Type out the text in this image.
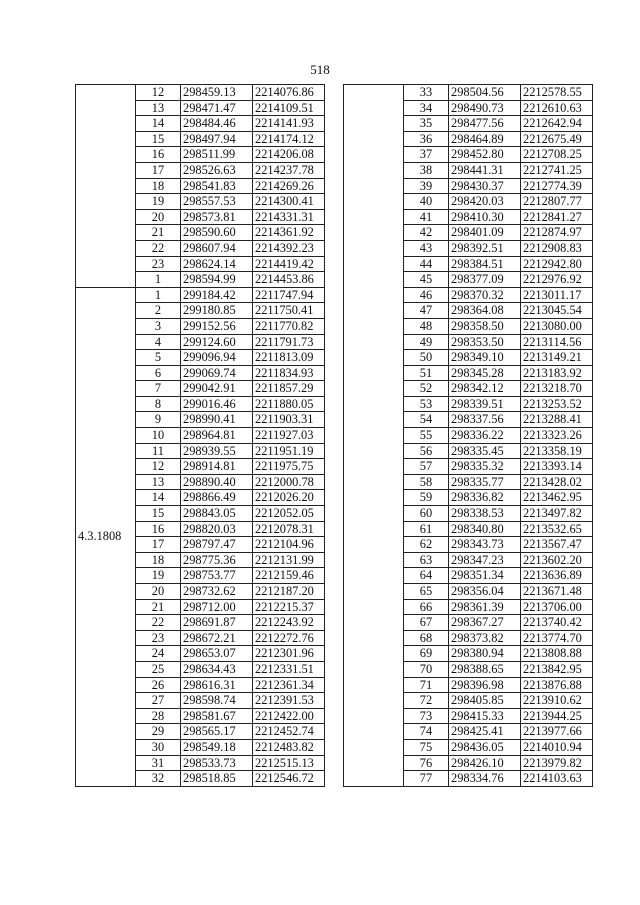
518
	12	298459.13	2214076.86
	13	298471.47	2214109.51
	14	298484.46	2214141.93
	15	298497.94	2214174.12
	16	298511.99	2214206.08
	17	298526.63	2214237.78
	18	298541.83	2214269.26
	19	298557.53	2214300.41
	20	298573.81	2214331.31
	21	298590.60	2214361.92
	22	298607.94	2214392.23
	23	298624.14	2214419.42
	1	298594.99	2214453.86
4.3.1808	1	299184.42	2211747.94
	2	299180.85	2211750.41
	3	299152.56	2211770.82
	4	299124.60	2211791.73
	5	299096.94	2211813.09
	6	299069.74	2211834.93
	7	299042.91	2211857.29
	8	299016.46	2211880.05
	9	298990.41	2211903.31
	10	298964.81	2211927.03
	11	298939.55	2211951.19
	12	298914.81	2211975.75
	13	298890.40	2212000.78
	14	298866.49	2212026.20
	15	298843.05	2212052.05
	16	298820.03	2212078.31
	17	298797.47	2212104.96
	18	298775.36	2212131.99
	19	298753.77	2212159.46
	20	298732.62	2212187.20
	21	298712.00	2212215.37
	22	298691.87	2212243.92
	23	298672.21	2212272.76
	24	298653.07	2212301.96
	25	298634.43	2212331.51
	26	298616.31	2212361.34
	27	298598.74	2212391.53
	28	298581.67	2212422.00
	29	298565.17	2212452.74
	30	298549.18	2212483.82
	31	298533.73	2212515.13
	32	298518.85	2212546.72
	33	298504.56	2212578.55
	34	298490.73	2212610.63
	35	298477.56	2212642.94
	36	298464.89	2212675.49
	37	298452.80	2212708.25
	38	298441.31	2212741.25
	39	298430.37	2212774.39
	40	298420.03	2212807.77
	41	298410.30	2212841.27
	42	298401.09	2212874.97
	43	298392.51	2212908.83
	44	298384.51	2212942.80
	45	298377.09	2212976.92
	46	298370.32	2213011.17
	47	298364.08	2213045.54
	48	298358.50	2213080.00
	49	298353.50	2213114.56
	50	298349.10	2213149.21
	51	298345.28	2213183.92
	52	298342.12	2213218.70
	53	298339.51	2213253.52
	54	298337.56	2213288.41
	55	298336.22	2213323.26
	56	298335.45	2213358.19
	57	298335.32	2213393.14
	58	298335.77	2213428.02
	59	298336.82	2213462.95
	60	298338.53	2213497.82
	61	298340.80	2213532.65
	62	298343.73	2213567.47
	63	298347.23	2213602.20
	64	298351.34	2213636.89
	65	298356.04	2213671.48
	66	298361.39	2213706.00
	67	298367.27	2213740.42
	68	298373.82	2213774.70
	69	298380.94	2213808.88
	70	298388.65	2213842.95
	71	298396.98	2213876.88
	72	298405.85	2213910.62
	73	298415.33	2213944.25
	74	298425.41	2213977.66
	75	298436.05	2214010.94
	76	298426.10	2213979.82
	77	298334.76	2214103.63
